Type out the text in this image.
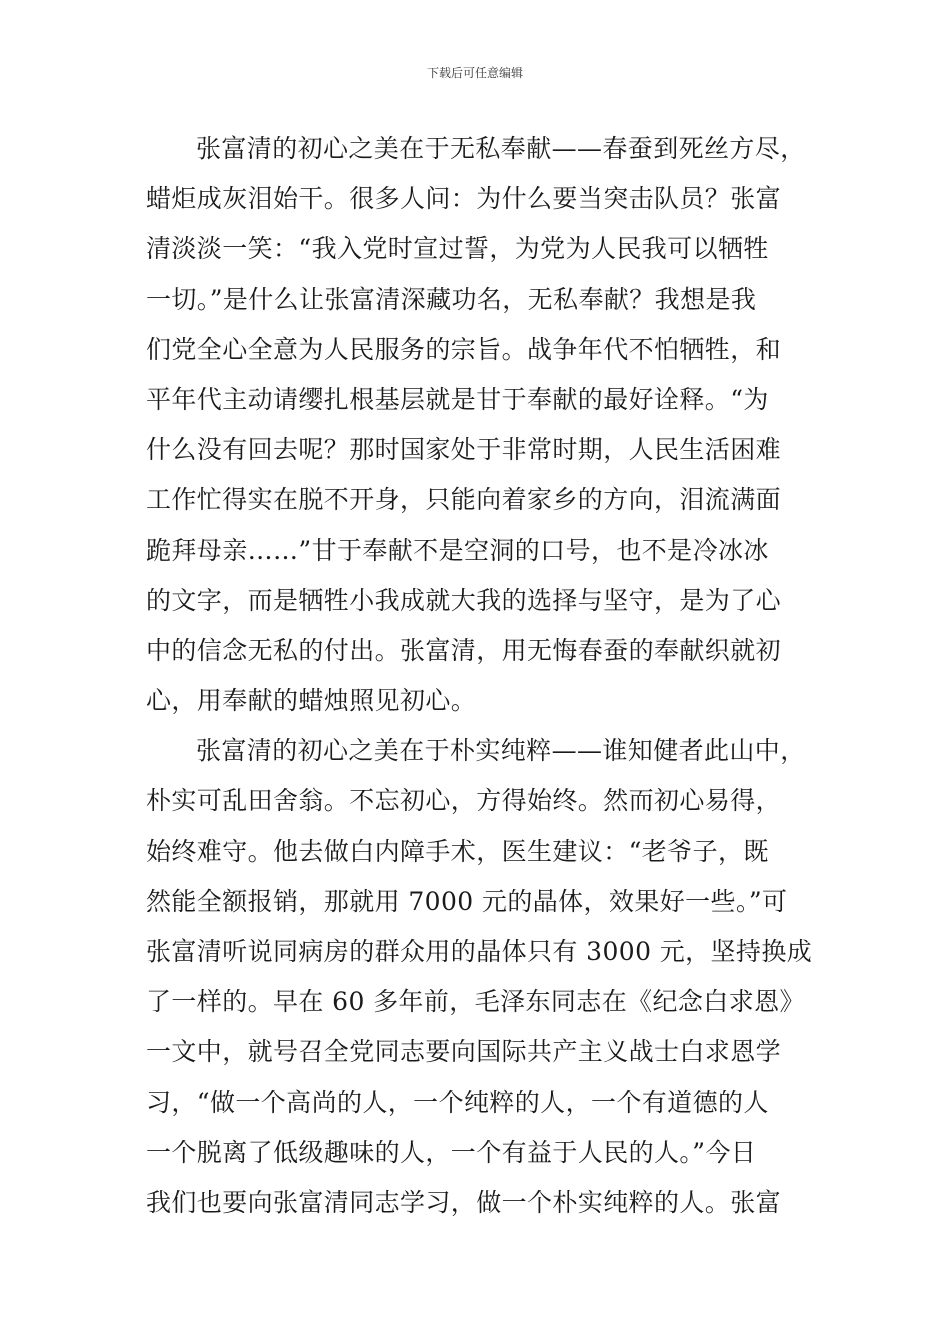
下载后可任意编辑
张富清的初心之美在于无私奉献——春蚕到死丝方尽，
蜡炬成灰泪始干。很多人问：为什么要当突击队员？张富
清淡淡一笑：“我入党时宣过誓，为党为人民我可以牺牲
一切。”是什么让张富清深藏功名，无私奉献？我想是我
们党全心全意为人民服务的宗旨。战争年代不怕牺牲，和
平年代主动请缨扎根基层就是甘于奉献的最好诠释。“为
什么没有回去呢？那时国家处于非常时期，人民生活困难
工作忙得实在脱不开身，只能向着家乡的方向，泪流满面
跪拜母亲……”甘于奉献不是空洞的口号，也不是冷冰冰
的文字，而是牺牲小我成就大我的选择与坚守，是为了心
中的信念无私的付出。张富清，用无悔春蚕的奉献织就初
心，用奉献的蜡烛照见初心。
张富清的初心之美在于朴实纯粹——谁知健者此山中，
朴实可乱田舍翁。不忘初心，方得始终。然而初心易得，
始终难守。他去做白内障手术，医生建议：“老爷子，既
然能全额报销，那就用 7000 元的晶体，效果好一些。”可
张富清听说同病房的群众用的晶体只有 3000 元，坚持换成
了一样的。早在 60 多年前，毛泽东同志在《纪念白求恩》
一文中，就号召全党同志要向国际共产主义战士白求恩学
习，“做一个高尚的人，一个纯粹的人，一个有道德的人
一个脱离了低级趣味的人，一个有益于人民的人。”今日
我们也要向张富清同志学习，做一个朴实纯粹的人。张富
